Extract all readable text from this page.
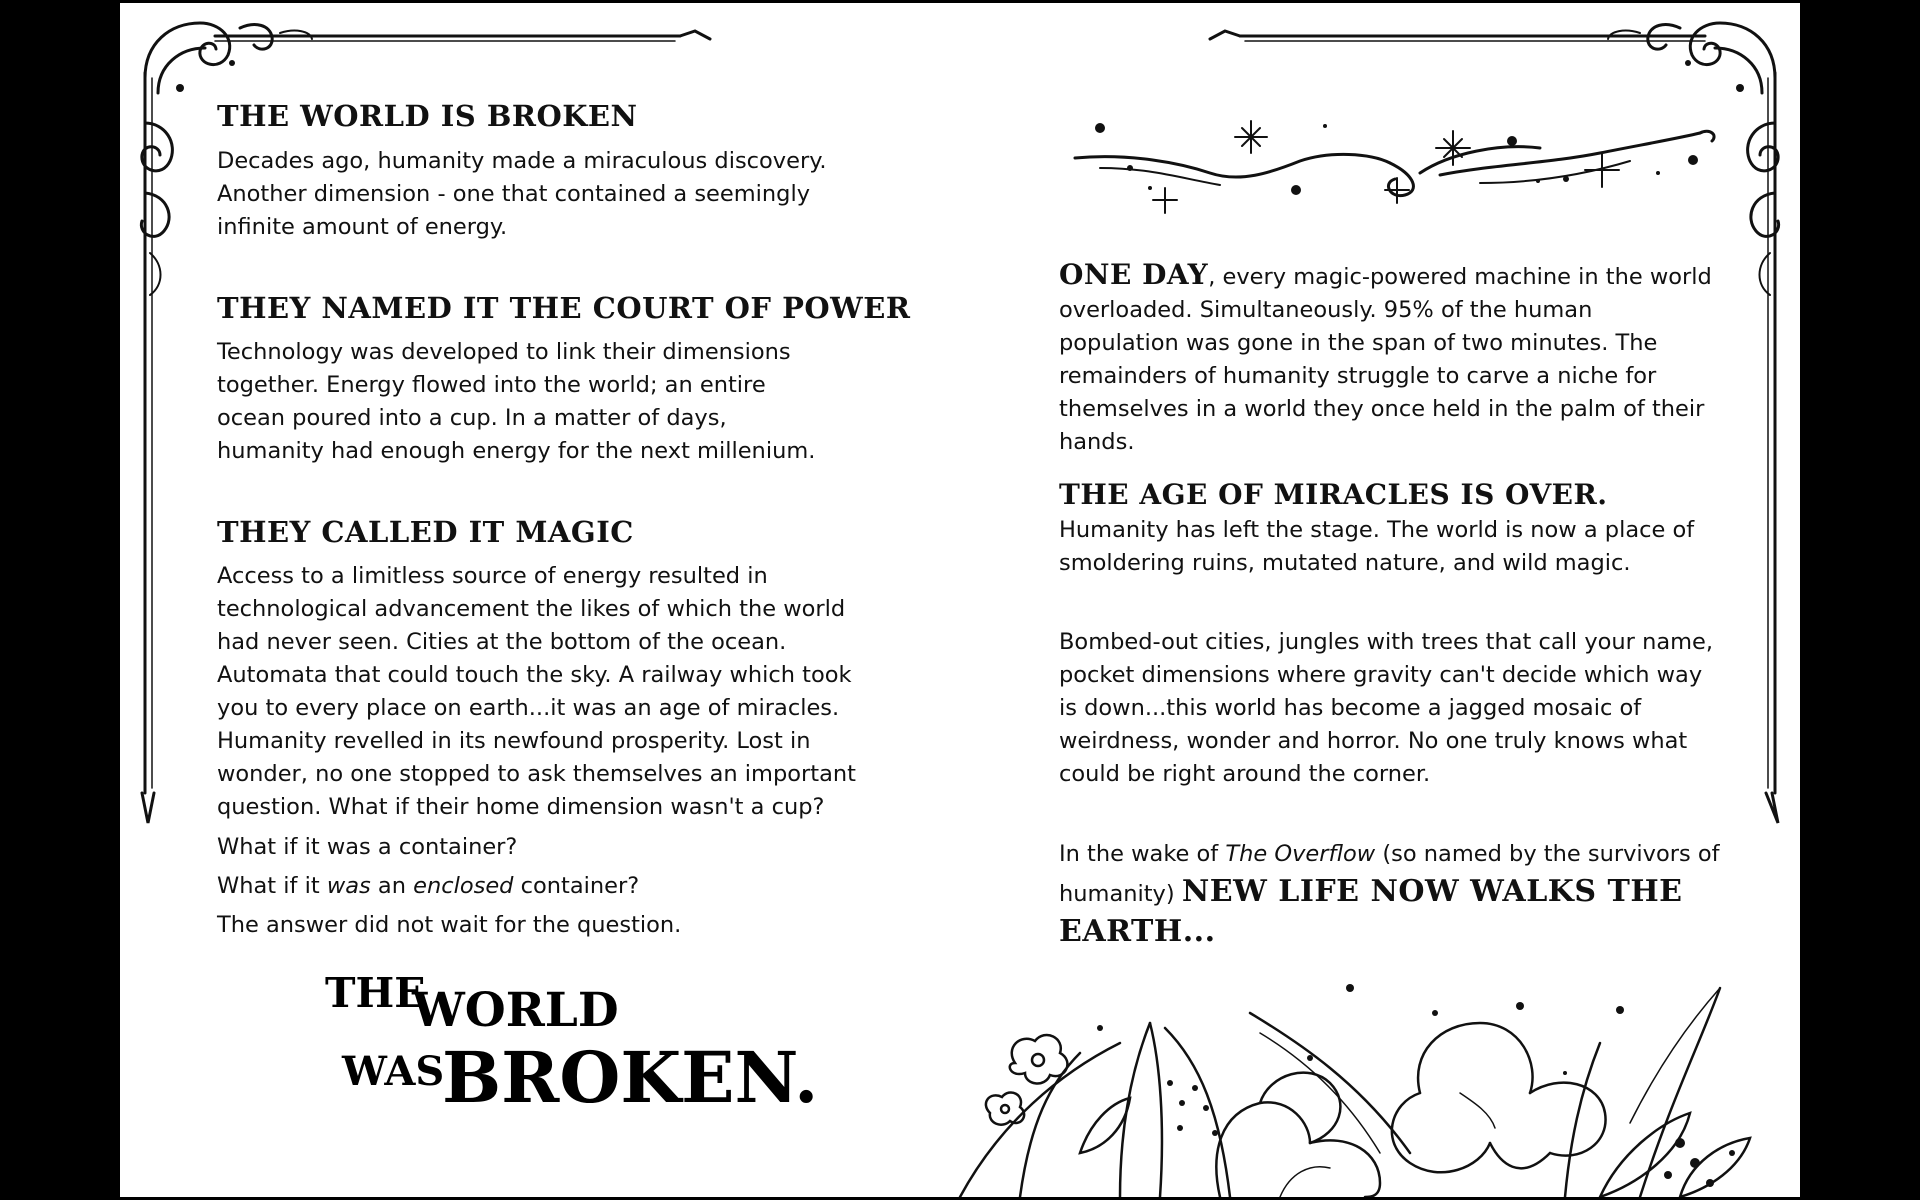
THE WORLD IS BROKEN

Decades ago, humanity made a miraculous discovery. Another dimension - one that contained a seemingly infinite amount of energy.

THEY NAMED IT THE COURT OF POWER

Technology was developed to link their dimensions together. Energy flowed into the world; an entire ocean poured into a cup. In a matter of days, humanity had enough energy for the next millenium.

THEY CALLED IT MAGIC

Access to a limitless source of energy resulted in technological advancement the likes of which the world had never seen. Cities at the bottom of the ocean. Automata that could touch the sky. A railway which took you to every place on earth...it was an age of miracles. Humanity revelled in its newfound prosperity. Lost in wonder, no one stopped to ask themselves an important question. What if their home dimension wasn't a cup?

What if it was a container?

What if it was an enclosed container?

The answer did not wait for the question.

THE
WORLD
WAS
BROKEN.

ONE DAY, every magic-powered machine in the world overloaded. Simultaneously. 95% of the human population was gone in the span of two minutes. The remainders of humanity struggle to carve a niche for themselves in a world they once held in the palm of their hands.

THE AGE OF MIRACLES IS OVER. Humanity has left the stage. The world is now a place of smoldering ruins, mutated nature, and wild magic.

Bombed-out cities, jungles with trees that call your name, pocket dimensions where gravity can't decide which way is down...this world has become a jagged mosaic of weirdness, wonder and horror. No one truly knows what could be right around the corner.

In the wake of The Overflow (so named by the survivors of humanity) NEW LIFE NOW WALKS THE EARTH...
